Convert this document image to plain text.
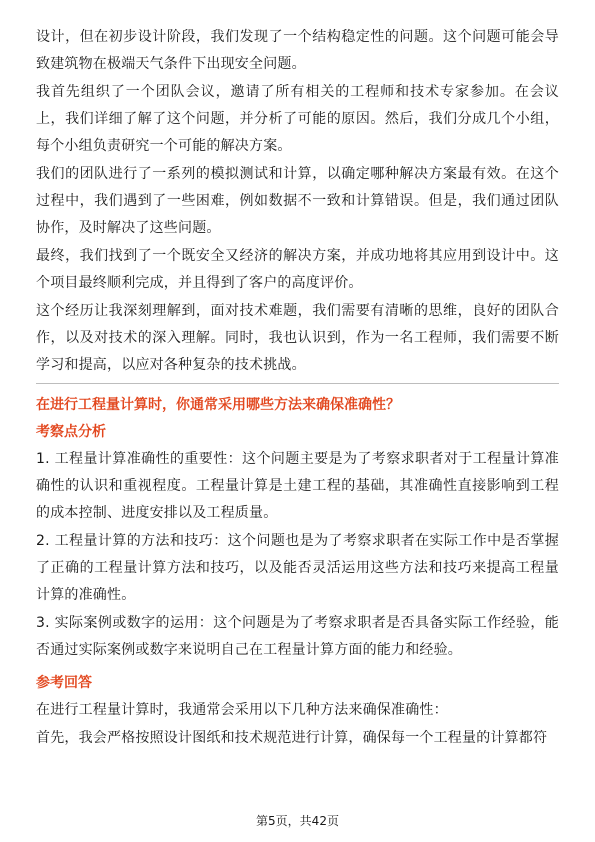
设计，但在初步设计阶段，我们发现了一个结构稳定性的问题。这个问题可能会导致建筑物在极端天气条件下出现安全问题。

我首先组织了一个团队会议，邀请了所有相关的工程师和技术专家参加。在会议上，我们详细了解了这个问题，并分析了可能的原因。然后，我们分成几个小组，每个小组负责研究一个可能的解决方案。

我们的团队进行了一系列的模拟测试和计算，以确定哪种解决方案最有效。在这个过程中，我们遇到了一些困难，例如数据不一致和计算错误。但是，我们通过团队协作，及时解决了这些问题。

最终，我们找到了一个既安全又经济的解决方案，并成功地将其应用到设计中。这个项目最终顺利完成，并且得到了客户的高度评价。

这个经历让我深刻理解到，面对技术难题，我们需要有清晰的思维，良好的团队合作，以及对技术的深入理解。同时，我也认识到，作为一名工程师，我们需要不断学习和提高，以应对各种复杂的技术挑战。

在进行工程量计算时，你通常采用哪些方法来确保准确性？

考察点分析

1. 工程量计算准确性的重要性：这个问题主要是为了考察求职者对于工程量计算准确性的认识和重视程度。工程量计算是土建工程的基础，其准确性直接影响到工程的成本控制、进度安排以及工程质量。

2. 工程量计算的方法和技巧：这个问题也是为了考察求职者在实际工作中是否掌握了正确的工程量计算方法和技巧，以及能否灵活运用这些方法和技巧来提高工程量计算的准确性。

3. 实际案例或数字的运用：这个问题是为了考察求职者是否具备实际工作经验，能否通过实际案例或数字来说明自己在工程量计算方面的能力和经验。

参考回答

在进行工程量计算时，我通常会采用以下几种方法来确保准确性：

首先，我会严格按照设计图纸和技术规范进行计算，确保每一个工程量的计算都符

第5页，共42页
